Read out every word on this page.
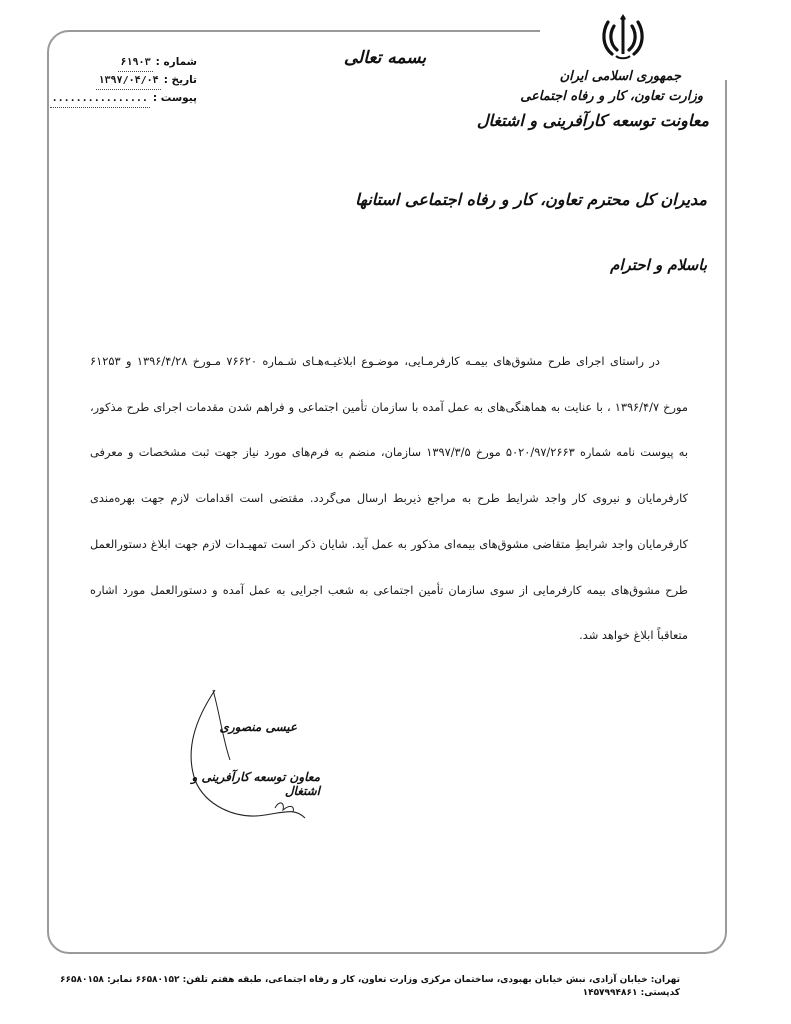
جمهوری اسلامی ایران
وزارت تعاون، کار و رفاه اجتماعی
معاونت توسعه کارآفرینی و اشتغال
بسمه تعالی
شماره :
۶۱۹۰۳
تاریخ :
۱۳۹۷/۰۴/۰۴
پیوست :
................
مدیران کل محترم تعاون، کار و رفاه اجتماعی استانها
باسلام و احترام
در راستای اجرای طرح مشوق‌های بیمـه کارفرمـایی، موضـوع ابلاغیـه‌هـای شـماره ۷۶۶۲۰ مـورخ ۱۳۹۶/۴/۲۸ و ۶۱۲۵۳ مورخ ۱۳۹۶/۴/۷ ، با عنایت به هماهنگی‌های به عمل آمده با سازمان تأمین اجتماعی و فراهم شدن مقدمات اجرای طرح مذکور، به پیوست نامه شماره ۵۰۲۰/۹۷/۲۶۶۳ مورخ ۱۳۹۷/۳/۵ سازمان، منضم به فرم‌های مورد نیاز جهت ثبت مشخصات و معرفی کارفرمایان و نیروی کار واجد شرایط طرح به مراجع ذیربط ارسال می‌گردد. مقتضی است اقدامات لازم جهت بهره‌مندی کارفرمایان واجد شرایطِ متقاضی مشوق‌های بیمه‌ای مذکور به عمل آید. شایان ذکر است تمهیـدات لازم جهت ابلاغ دستورالعمل طرح مشوق‌های بیمه کارفرمایی از سوی سازمان تأمین اجتماعی به شعب اجرایی به عمل آمده و دستورالعمل مورد اشاره متعاقباً ابلاغ خواهد شد.
عیسی منصوری
معاون توسعه کارآفرینی و اشتغال
تهران: خیابان آزادی، نبش خیابان بهبودی، ساختمان مرکزی وزارت تعاون، کار و رفاه اجتماعی، طبقه هفتم تلفن: ۶۶۵۸۰۱۵۲ نمابر: ۶۶۵۸۰۱۵۸
کدپستی: ۱۴۵۷۹۹۴۸۶۱
